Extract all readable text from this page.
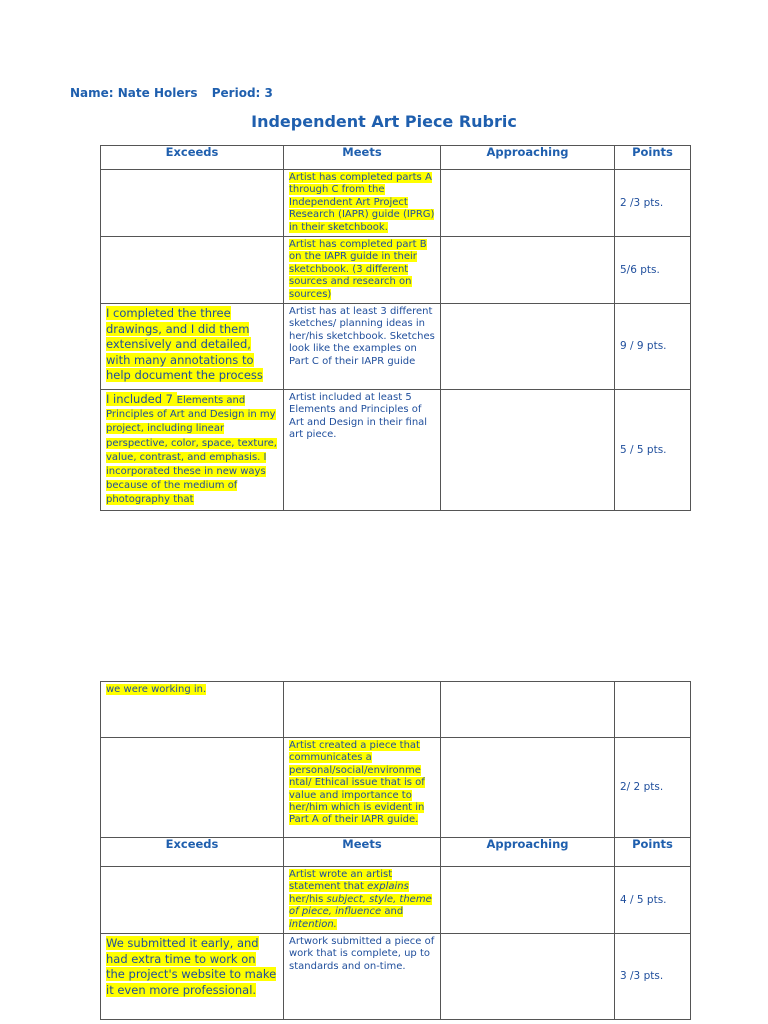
Name: Nate Holers Period: 3
Independent Art Piece Rubric
Exceeds	Meets	Approaching	Points
	Artist has completed parts A through C from the Independent Art Project Research (IAPR) guide (IPRG) in their sketchbook.		2 /3 pts.
	Artist has completed part B on the IAPR guide in their sketchbook. (3 different sources and research on sources)		5/6 pts.
I completed the three drawings, and I did them extensively and detailed, with many annotations to help document the process	Artist has at least 3 different sketches/ planning ideas in her/his sketchbook. Sketches look like the examples on Part C of their IAPR guide		9 / 9 pts.
I included 7 Elements and Principles of Art and Design in my project, including linear perspective, color, space, texture, value, contrast, and emphasis. I incorporated these in new ways because of the medium of photography that	Artist included at least 5 Elements and Principles of Art and Design in their final art piece.		5 / 5 pts.
we were working in.			
	Artist created a piece that communicates a personal/social/environme ntal/ Ethical issue that is of value and importance to her/him which is evident in Part A of their IAPR guide.		2/ 2 pts.
Exceeds	Meets	Approaching	Points
	Artist wrote an artist statement that explains her/his subject, style, theme of piece, influence and intention.		4 / 5 pts.
We submitted it early, and had extra time to work on the project's website to make it even more professional.	Artwork submitted a piece of work that is complete, up to standards and on-time.		3 /3 pts.
